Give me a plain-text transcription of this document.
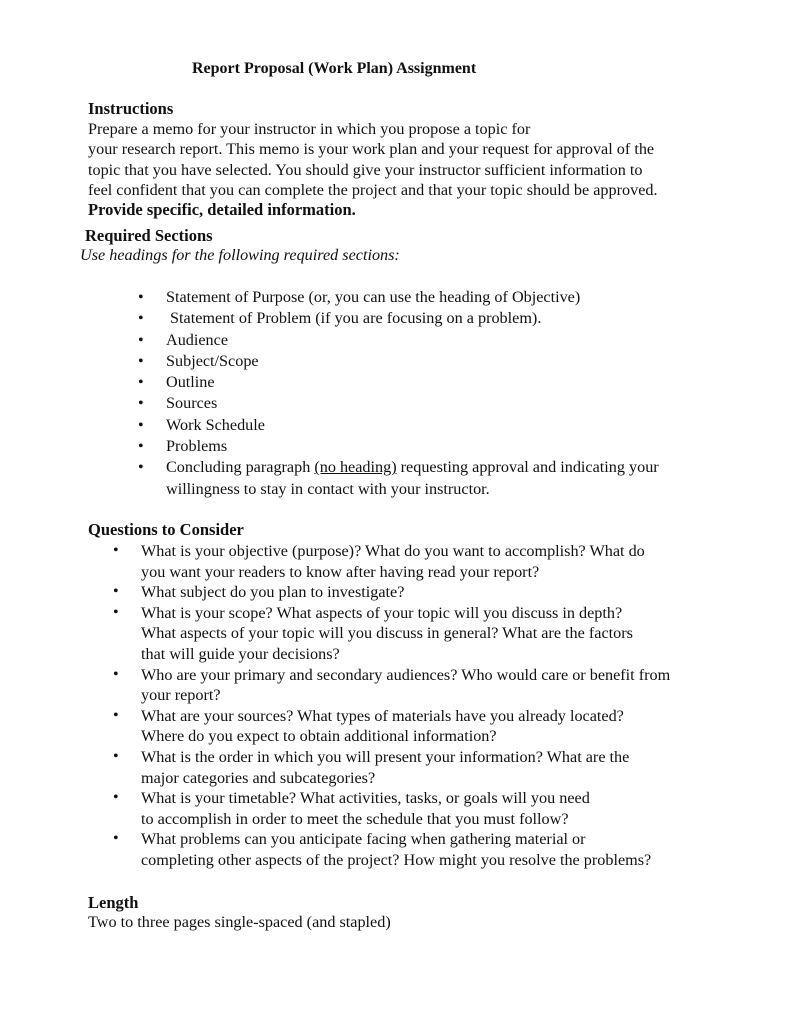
Report Proposal (Work Plan) Assignment
Instructions
Prepare a memo for your instructor in which you propose a topic for
your research report. This memo is your work plan and your request for approval of the
topic that you have selected. You should give your instructor sufficient information to
feel confident that you can complete the project and that your topic should be approved.
Provide specific, detailed information.
Required Sections

Use headings for the following required sections:

• Statement of Purpose (or, you can use the heading of Objective)
• Statement of Problem (if you are focusing on a problem).
• Audience
• Subject/Scope
• Outline
• Sources
• Work Schedule
• Problems
• Concluding paragraph (no heading) requesting approval and indicating your
willingness to stay in contact with your instructor.
Questions to Consider
• What is your objective (purpose)? What do you want to accomplish? What do
you want your readers to know after having read your report?
• What subject do you plan to investigate?
• What is your scope? What aspects of your topic will you discuss in depth?
What aspects of your topic will you discuss in general? What are the factors
that will guide your decisions?
• Who are your primary and secondary audiences? Who would care or benefit from
your report?
• What are your sources? What types of materials have you already located?
Where do you expect to obtain additional information?
• What is the order in which you will present your information? What are the
major categories and subcategories?
• What is your timetable? What activities, tasks, or goals will you need
to accomplish in order to meet the schedule that you must follow?
• What problems can you anticipate facing when gathering material or
completing other aspects of the project? How might you resolve the problems?
Length

Two to three pages single-spaced (and stapled)
